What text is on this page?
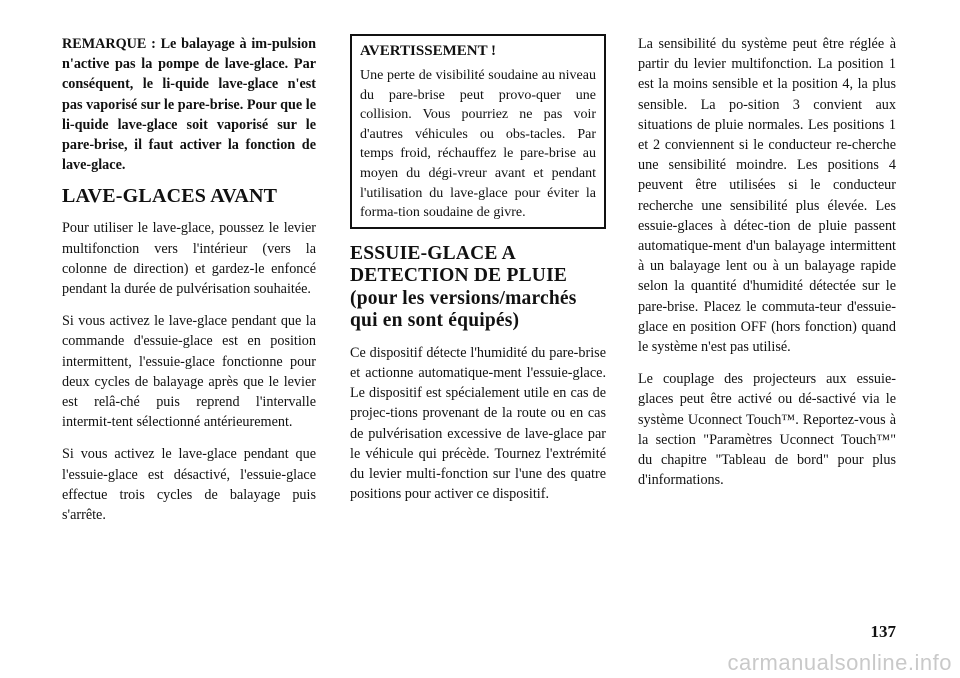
REMARQUE : Le balayage à im-pulsion n'active pas la pompe de lave-glace. Par conséquent, le li-quide lave-glace n'est pas vaporisé sur le pare-brise. Pour que le li-quide lave-glace soit vaporisé sur le pare-brise, il faut activer la fonction de lave-glace.

LAVE-GLACES AVANT

Pour utiliser le lave-glace, poussez le levier multifonction vers l'intérieur (vers la colonne de direction) et gardez-le enfoncé pendant la durée de pulvérisation souhaitée.

Si vous activez le lave-glace pendant que la commande d'essuie-glace est en position intermittent, l'essuie-glace fonctionne pour deux cycles de balayage après que le levier est relâ-ché puis reprend l'intervalle intermit-tent sélectionné antérieurement.

Si vous activez le lave-glace pendant que l'essuie-glace est désactivé, l'essuie-glace effectue trois cycles de balayage puis s'arrête.

AVERTISSEMENT !

Une perte de visibilité soudaine au niveau du pare-brise peut provo-quer une collision. Vous pourriez ne pas voir d'autres véhicules ou obs-tacles. Par temps froid, réchauffez le pare-brise au moyen du dégi-vreur avant et pendant l'utilisation du lave-glace pour éviter la forma-tion soudaine de givre.

ESSUIE-GLACE A DETECTION DE PLUIE (pour les versions/marchés qui en sont équipés)

Ce dispositif détecte l'humidité du pare-brise et actionne automatique-ment l'essuie-glace. Le dispositif est spécialement utile en cas de projec-tions provenant de la route ou en cas de pulvérisation excessive de lave-glace par le véhicule qui précède. Tournez l'extrémité du levier multi-fonction sur l'une des quatre positions pour activer ce dispositif.

La sensibilité du système peut être réglée à partir du levier multifonction. La position 1 est la moins sensible et la position 4, la plus sensible. La po-sition 3 convient aux situations de pluie normales. Les positions 1 et 2 conviennent si le conducteur re-cherche une sensibilité moindre. Les positions 4 peuvent être utilisées si le conducteur recherche une sensibilité plus élevée. Les essuie-glaces à détec-tion de pluie passent automatique-ment d'un balayage intermittent à un balayage lent ou à un balayage rapide selon la quantité d'humidité détectée sur le pare-brise. Placez le commuta-teur d'essuie-glace en position OFF (hors fonction) quand le système n'est pas utilisé.

Le couplage des projecteurs aux essuie-glaces peut être activé ou dé-sactivé via le système Uconnect Touch™. Reportez-vous à la section "Paramètres Uconnect Touch™" du chapitre "Tableau de bord" pour plus d'informations.

137
carmanualsonline.info
